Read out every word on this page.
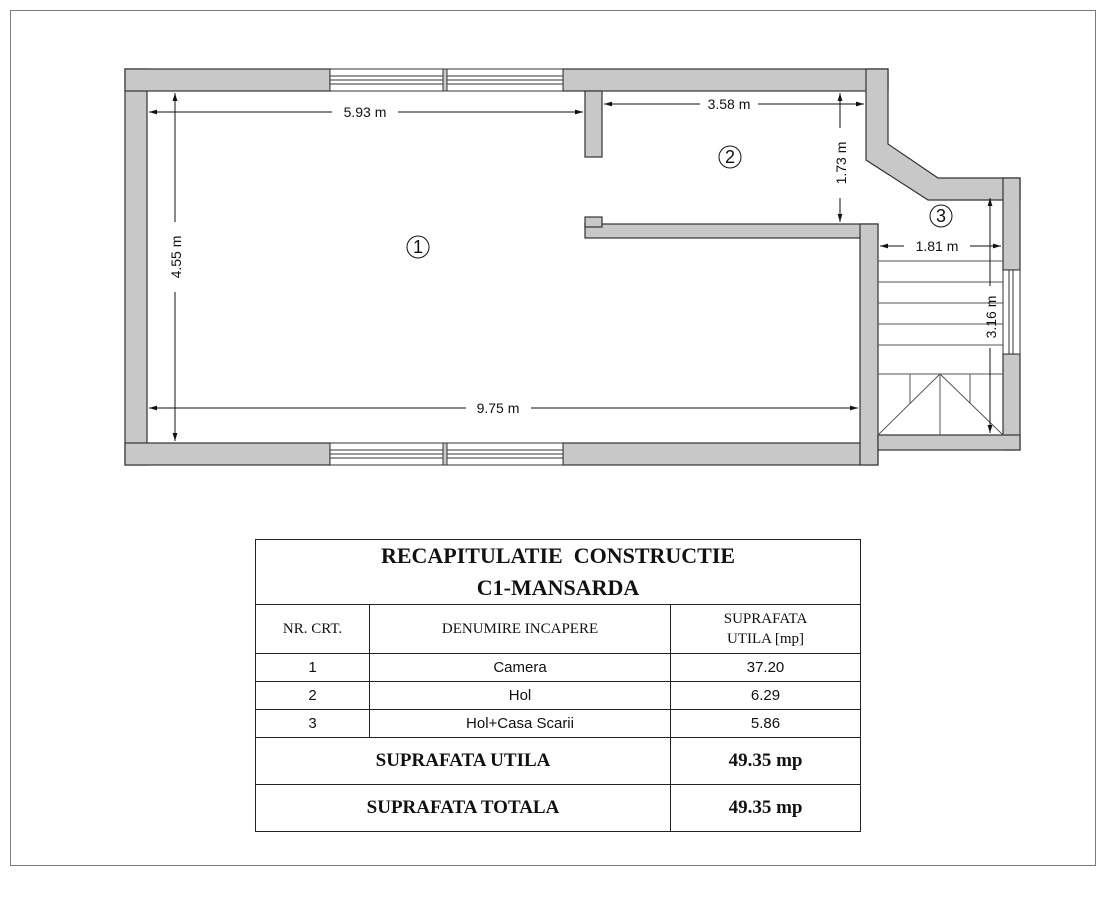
5.93 m
4.55 m
9.75 m
3.58 m
1.73 m
1.81 m
3.16 m
1
2
3
RECAPITULATIE  CONSTRUCTIE
C1-MANSARDA		

NR. CRT.	DENUMIRE INCAPERE	SUPRAFATA
UTILA [mp]

1	Camera	37.20
2	Hol	6.29
3	Hol+Casa Scarii	5.86
SUPRAFATA UTILA		49.35 mp
SUPRAFATA TOTALA		49.35 mp
